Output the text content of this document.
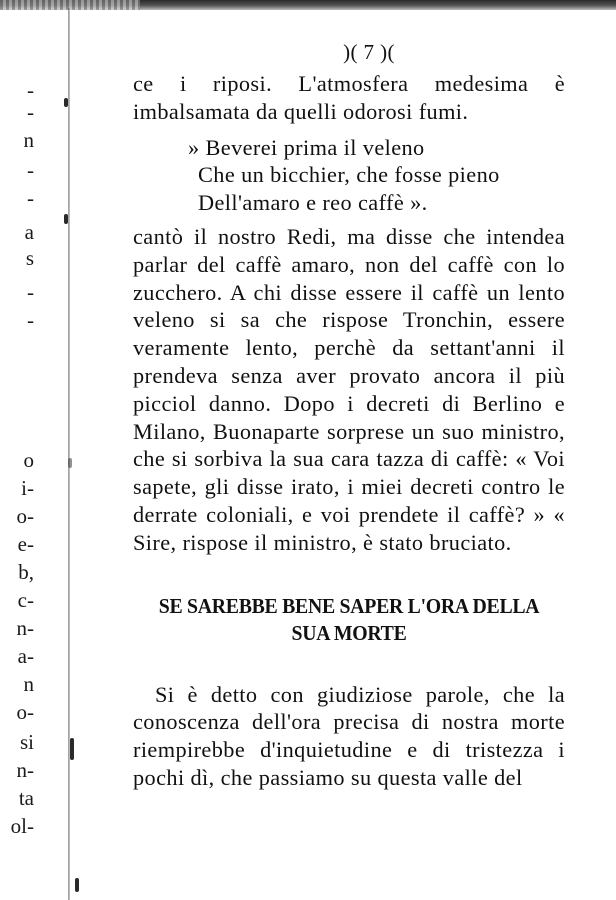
-
-
n
-
-
a
s
-
-
o
i-
o-
e-
b,
c-
n-
a-
n
o-
si
n-
ta
ol-
)( 7 )(

ce i riposi. L'atmosfera medesima è imbalsamata da quelli odorosi fumi.

» Beverei prima il veleno
Che un bicchier, che fosse pieno
Dell'amaro e reo caffè ».

cantò il nostro Redi, ma disse che intendea parlar del caffè amaro, non del caffè con lo zucchero. A chi disse essere il caffè un lento veleno si sa che rispose Tronchin, essere veramente lento, perchè da settant'anni il prendeva senza aver provato ancora il più picciol danno. Dopo i decreti di Berlino e Milano, Buonaparte sorprese un suo ministro, che si sorbiva la sua cara tazza di caffè: « Voi sapete, gli disse irato, i miei decreti contro le derrate coloniali, e voi prendete il caffè? » « Sire, rispose il ministro, è stato bruciato.

SE SAREBBE BENE SAPER L'ORA DELLA
SUA MORTE

Si è detto con giudiziose parole, che la conoscenza dell'ora precisa di nostra morte riempirebbe d'inquietudine e di tristezza i pochi dì, che passiamo su questa valle del
